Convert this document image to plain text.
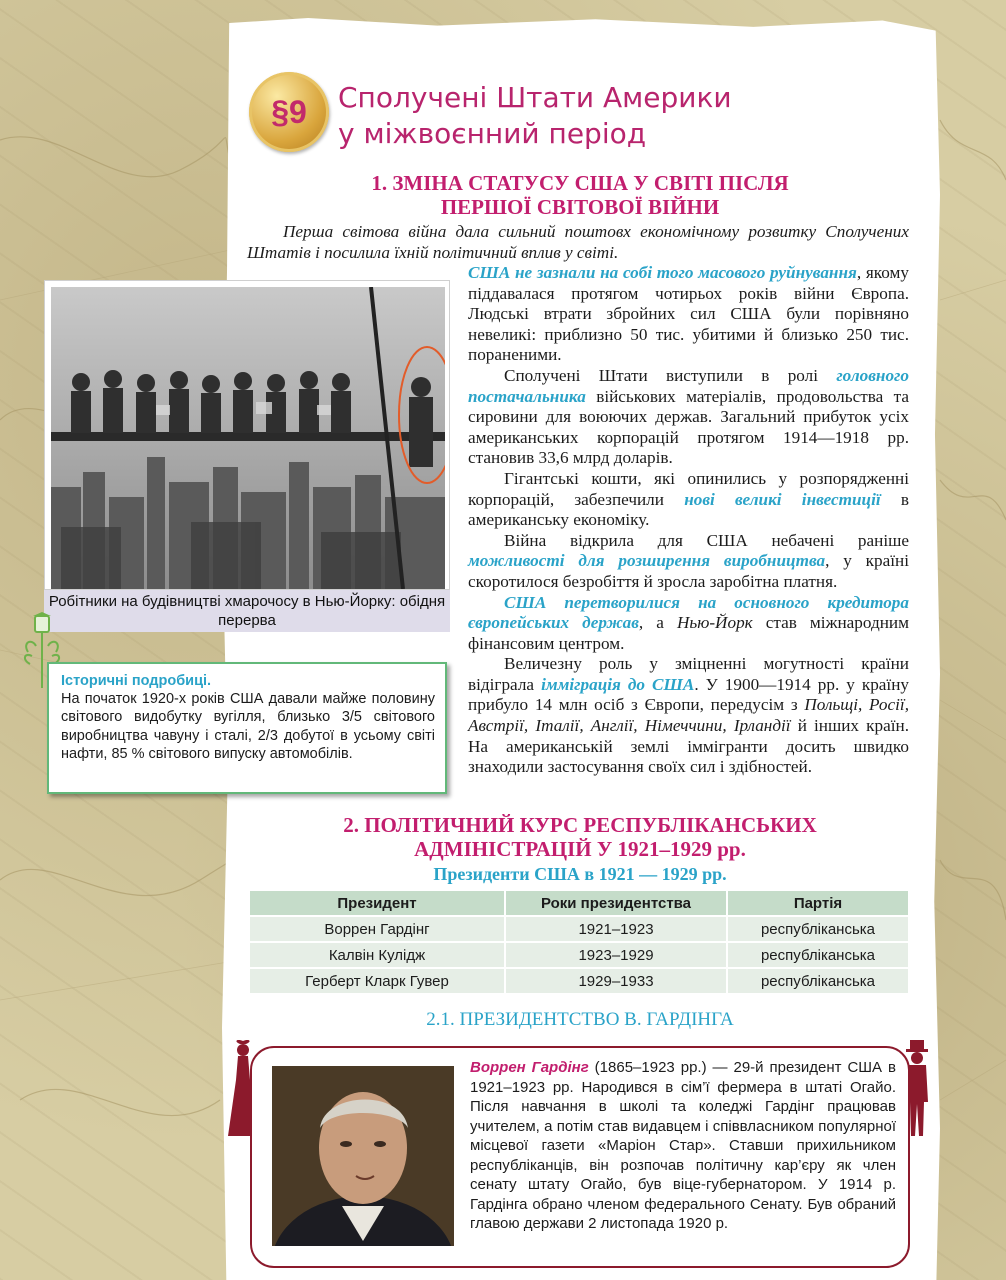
§9 Сполучені Штати Америки
у міжвоєнний період
1. ЗМІНА СТАТУСУ США У СВІТІ ПІСЛЯ
ПЕРШОЇ СВІТОВОЇ ВІЙНИ

Перша світова війна дала сильний поштовх економічному розвитку Сполучених Штатів і посилила їхній політичний вплив у світі.

США не зазнали на собі того масового руйнування, якому піддавалася протягом чотирьох років війни Європа. Людські втрати збройних сил США були порівняно невеликі: приблизно 50 тис. убитими й близько 250 тис. пораненими.

Сполучені Штати виступили в ролі головного постачальника військових матеріалів, продовольства та сировини для воюючих держав. Загальний прибуток усіх американських корпорацій протягом 1914—1918 рр. становив 33,6 млрд доларів.

Гігантські кошти, які опинились у розпорядженні корпорацій, забезпечили нові великі інвестиції в американську економіку.

Війна відкрила для США небачені раніше можливості для розширення виробництва, у країні скоротилося безробіття й зросла заробітна платня.

США перетворилися на основного кредитора європейських держав, а Нью-Йорк став міжнародним фінансовим центром.

Величезну роль у зміцненні могутності країни відіграла імміграція до США. У 1900—1914 рр. у країну прибуло 14 млн осіб з Європи, передусім з Польщі, Росії, Австрії, Італії, Англії, Німеччини, Ірландії й інших країн. На американській землі іммігранти досить швидко знаходили застосування своїх сил і здібностей.

Робітники на будівництві хмарочосу в Нью-Йорку: обідня перерва
Історичні подробиці.
На початок 1920-х років США давали майже половину світового видобутку вугілля, близько 3/5 світового виробництва чавуну і сталі, 2/3 добутої в усьому світі нафти, 85 % світового випуску автомобілів.
2. ПОЛІТИЧНИЙ КУРС РЕСПУБЛІКАНСЬКИХ
АДМІНІСТРАЦІЙ У 1921–1929 рр.
Президенти США в 1921 — 1929 рр.
Президент	Роки президентства	Партія
Воррен Гардінг	1921–1923	республіканська
Калвін Кулідж	1923–1929	республіканська
Герберт Кларк Гувер	1929–1933	республіканська
2.1. ПРЕЗИДЕНТСТВО В. ГАРДІНГА
Воррен Гардінг (1865–1923 рр.) — 29-й президент США в 1921–1923 рр. Народився в сім’ї фермера в штаті Огайо. Після навчання в школі та коледжі Гардінг працював учителем, а потім став видавцем і співвласником популярної місцевої газети «Маріон Стар». Ставши прихильником республіканців, він розпочав політичну кар’єру як член сенату штату Огайо, був віце-губернатором. У 1914 р. Гардінга обрано членом федерального Сенату. Був обраний главою держави 2 листопада 1920 р.
